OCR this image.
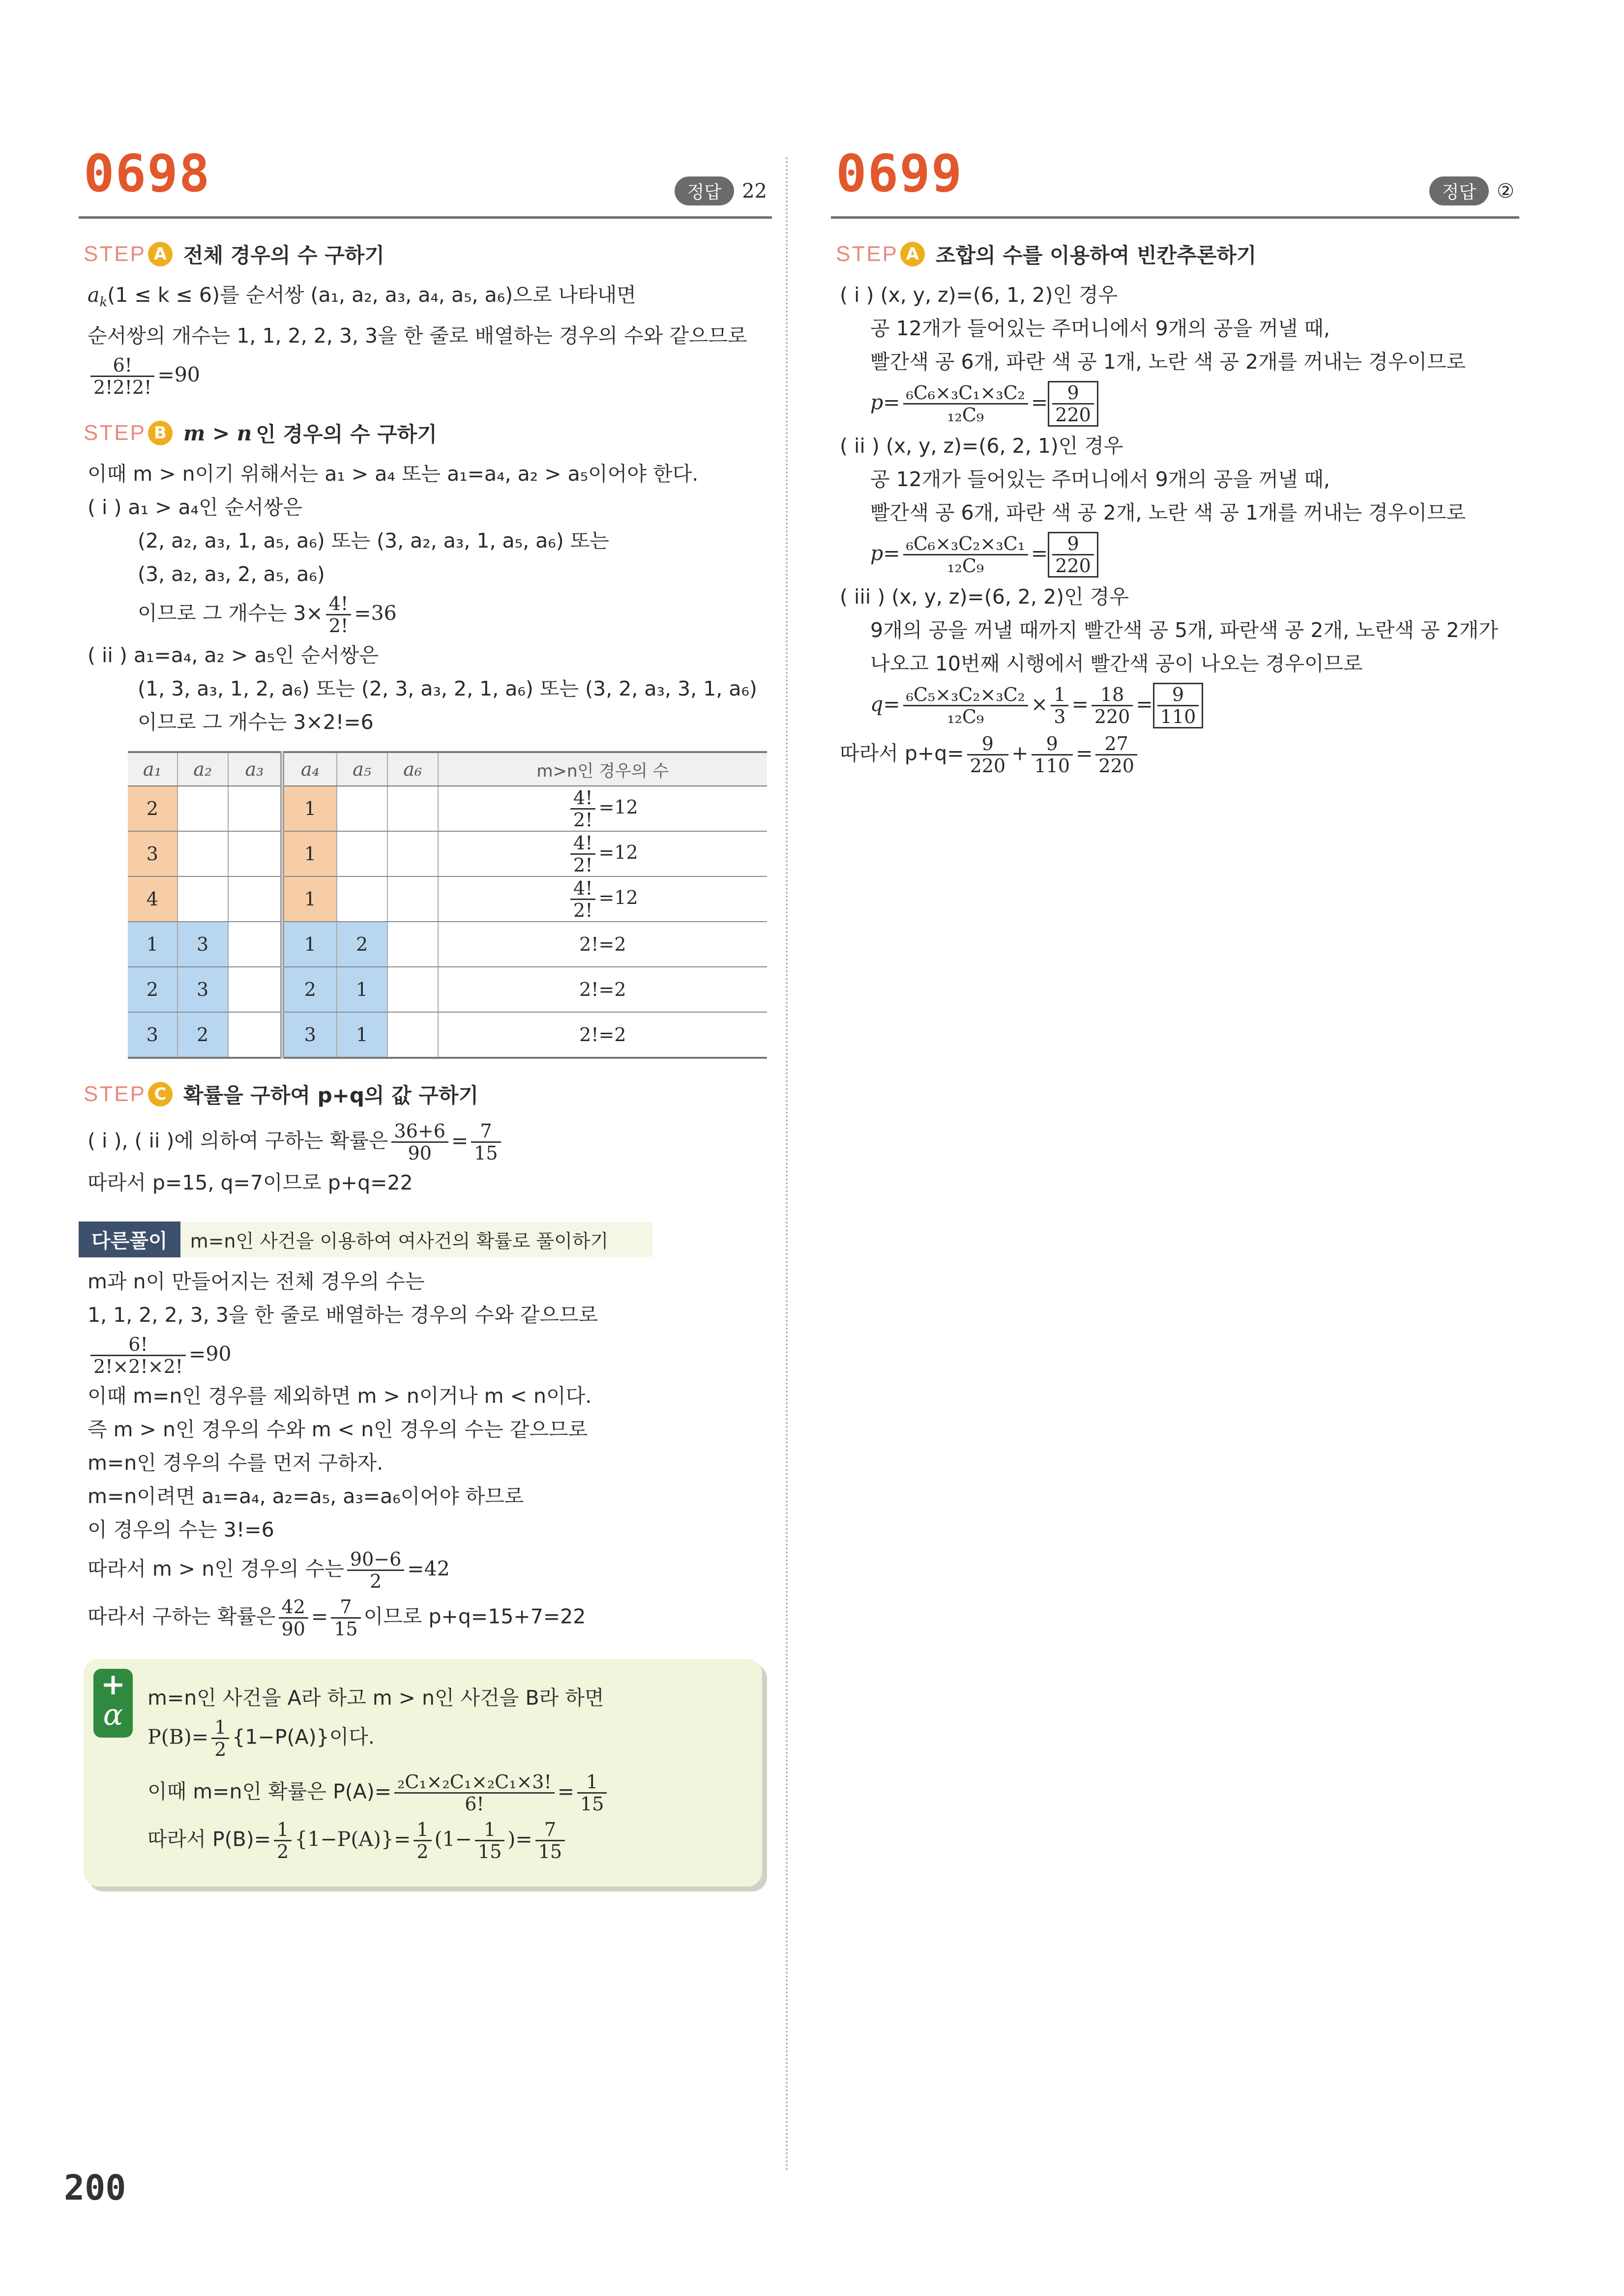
0698	정답	22
STEP A 전체 경우의 수 구하기
$a_k(1 \le k \le 6)$를 순서쌍 (a₁, a₂, a₃, a₄, a₅, a₆)으로 나타내면
순서쌍의 개수는 1, 1, 2, 2, 3, 3을 한 줄로 배열하는 경우의 수와 같으므로
$\frac{6!}{2!2!2!} =90$
STEP B m > n 인 경우의 수 구하기
이때 m > n이기 위해서는 a₁ > a₄ 또는 a₁=a₄, a₂ > a₅이어야 한다.
( i ) a₁ > a₄인 순서쌍은
(2, a₂, a₃, 1, a₅, a₆) 또는 (3, a₂, a₃, 1, a₅, a₆) 또는
(3, a₂, a₃, 2, a₅, a₆)
이므로 그 개수는 $3\times \frac{4!}{2!} =36$
( ii ) a₁=a₄, a₂ > a₅인 순서쌍은
(1, 3, a₃, 1, 2, a₆) 또는 (2, 3, a₃, 2, 1, a₆) 또는 (3, 2, a₃, 3, 1, a₆)
이므로 그 개수는 3×2!=6
a₁	a₂	a₃	a₄	a₅	a₆	m>n인 경우의 수
2			1			$\frac{4!}{2!} =12$
3			1			$\frac{4!}{2!} =12$
4			1			$\frac{4!}{2!} =12$
1	3		1	2		2!=2
2	3		2	1		2!=2
3	2		3	1		2!=2
STEP C 확률을 구하여 p+q의 값 구하기
( i ), ( ii )에 의하여 구하는 확률은 $\frac{36+6}{90} = \frac{7}{15}$
따라서 p=15, q=7이므로 p+q=22
다른풀이	m=n인 사건을 이용하여 여사건의 확률로 풀이하기
m과 n이 만들어지는 전체 경우의 수는
1, 1, 2, 2, 3, 3을 한 줄로 배열하는 경우의 수와 같으므로
$\frac{6!}{2!\times 2!\times 2!} =90$
이때 m=n인 경우를 제외하면 m > n이거나 m < n이다.
즉 m > n인 경우의 수와 m < n인 경우의 수는 같으므로
m=n인 경우의 수를 먼저 구하자.
m=n이려면 a₁=a₄, a₂=a₅, a₃=a₆이어야 하므로
이 경우의 수는 3!=6
따라서 m > n인 경우의 수는 $\frac{90-6}{2} =42$
따라서 구하는 확률은 $\frac{42}{90} = \frac{7}{15}$ 이므로 p+q=15+7=22
+
α	m=n인 사건을 A라 하고 m > n인 사건을 B라 하면
$P(B)= \frac{1}{2} \{1-P(A)\}$이다.
이때 m=n인 확률은 $P(A)= \frac{\text{₂C₁×₂C₁×₂C₁×3!}}{6!} = \frac{1}{15}$
따라서 $P(B)= \frac{1}{2} \{1-P(A)\}= \frac{1}{2} (1- \frac{1}{15}$ )= $\frac{7}{15}$
0699	정답	②
STEP A 조합의 수를 이용하여 빈칸추론하기
( i ) (x, y, z)=(6, 1, 2)인 경우
공 12개가 들어있는 주머니에서 9개의 공을 꺼낼 때,
빨간색 공 6개, 파란 색 공 1개, 노란 색 공 2개를 꺼내는 경우이므로
$p= \frac{\text{₆C₆×₃C₁×₃C₂}}{\text{₁₂C₉}} = \frac{9}{220}$
( ii ) (x, y, z)=(6, 2, 1)인 경우
공 12개가 들어있는 주머니에서 9개의 공을 꺼낼 때,
빨간색 공 6개, 파란 색 공 2개, 노란 색 공 1개를 꺼내는 경우이므로
$p= \frac{\text{₆C₆×₃C₂×₃C₁}}{\text{₁₂C₉}} = \frac{9}{220}$
( iii ) (x, y, z)=(6, 2, 2)인 경우
9개의 공을 꺼낼 때까지 빨간색 공 5개, 파란색 공 2개, 노란색 공 2개가
나오고 10번째 시행에서 빨간색 공이 나오는 경우이므로
$q= \frac{\text{₆C₅×₃C₂×₃C₂}}{\text{₁₂C₉}} \times \frac{1}{3} = \frac{18}{220} = \frac{9}{110}$
따라서 $p+q= \frac{9}{220} + \frac{9}{110} = \frac{27}{220}$
200
